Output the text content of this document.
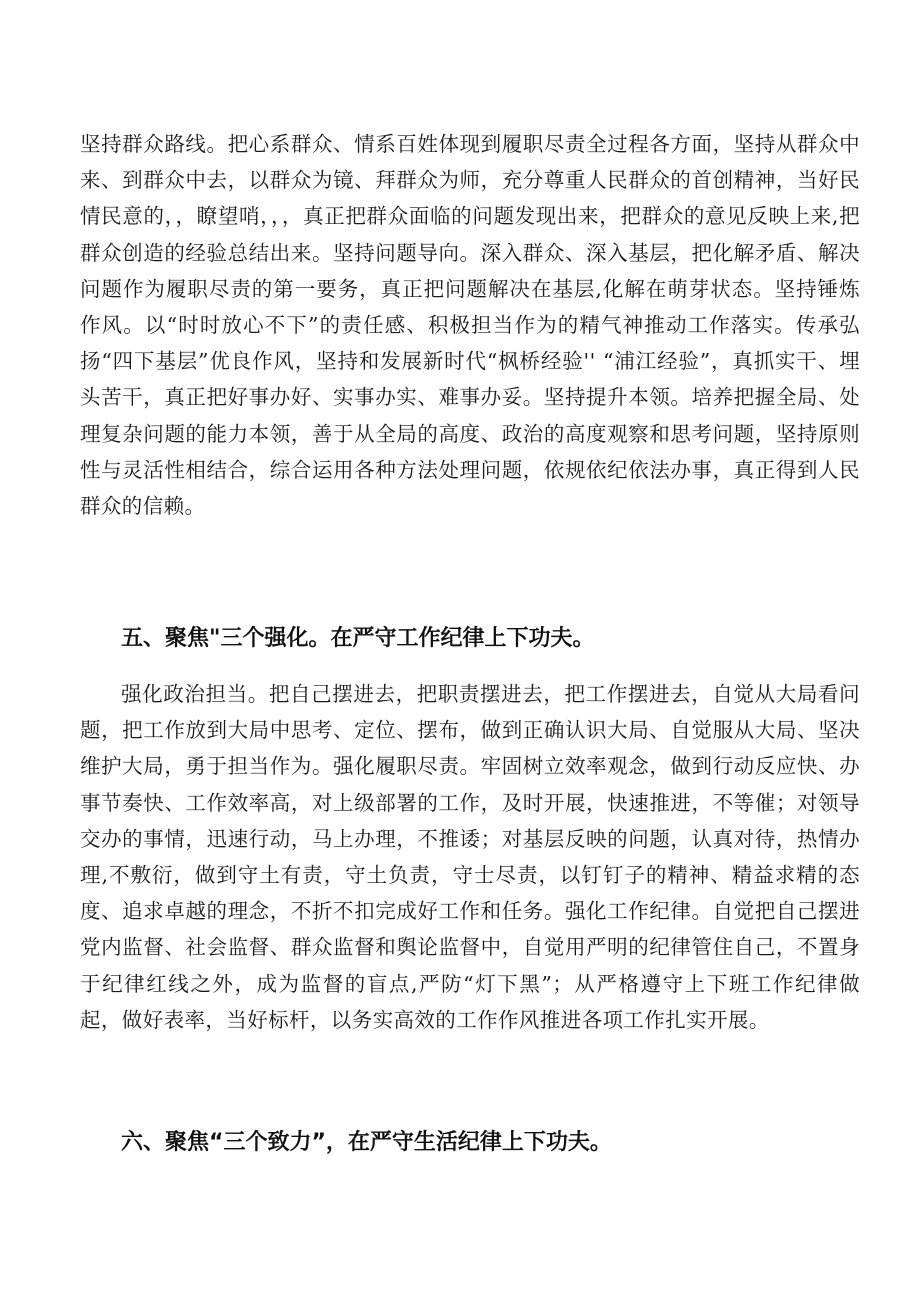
坚持群众路线。把心系群众、情系百姓体现到履职尽责全过程各方面，坚持从群众中来、到群众中去，以群众为镜、拜群众为师，充分尊重人民群众的首创精神，当好民情民意的，，瞭望哨，，，真正把群众面临的问题发现出来，把群众的意见反映上来,把群众创造的经验总结出来。坚持问题导向。深入群众、深入基层，把化解矛盾、解决问题作为履职尽责的第一要务，真正把问题解决在基层,化解在萌芽状态。坚持锤炼作风。以“时时放心不下”的责任感、积极担当作为的精气神推动工作落实。传承弘扬“四下基层”优良作风，坚持和发展新时代“枫桥经验'' “浦江经验”，真抓实干、埋头苦干，真正把好事办好、实事办实、难事办妥。坚持提升本领。培养把握全局、处理复杂问题的能力本领，善于从全局的高度、政治的高度观察和思考问题，坚持原则性与灵活性相结合，综合运用各种方法处理问题，依规依纪依法办事，真正得到人民群众的信赖。

五、聚焦"三个强化。在严守工作纪律上下功夫。

强化政治担当。把自己摆进去，把职责摆进去，把工作摆进去，自觉从大局看问题，把工作放到大局中思考、定位、摆布，做到正确认识大局、自觉服从大局、坚决维护大局，勇于担当作为。强化履职尽责。牢固树立效率观念，做到行动反应快、办事节奏快、工作效率高，对上级部署的工作，及时开展，快速推进，不等催；对领导交办的事情，迅速行动，马上办理，不推诿；对基层反映的问题，认真对待，热情办理,不敷衍，做到守土有责，守土负责，守士尽责，以钉钉子的精神、精益求精的态度、追求卓越的理念，不折不扣完成好工作和任务。强化工作纪律。自觉把自己摆进党内监督、社会监督、群众监督和舆论监督中，自觉用严明的纪律管住自己，不置身于纪律红线之外，成为监督的盲点,严防“灯下黑”；从严格遵守上下班工作纪律做起，做好表率，当好标杆，以务实高效的工作作风推进各项工作扎实开展。

六、聚焦“三个致力”，在严守生活纪律上下功夫。
